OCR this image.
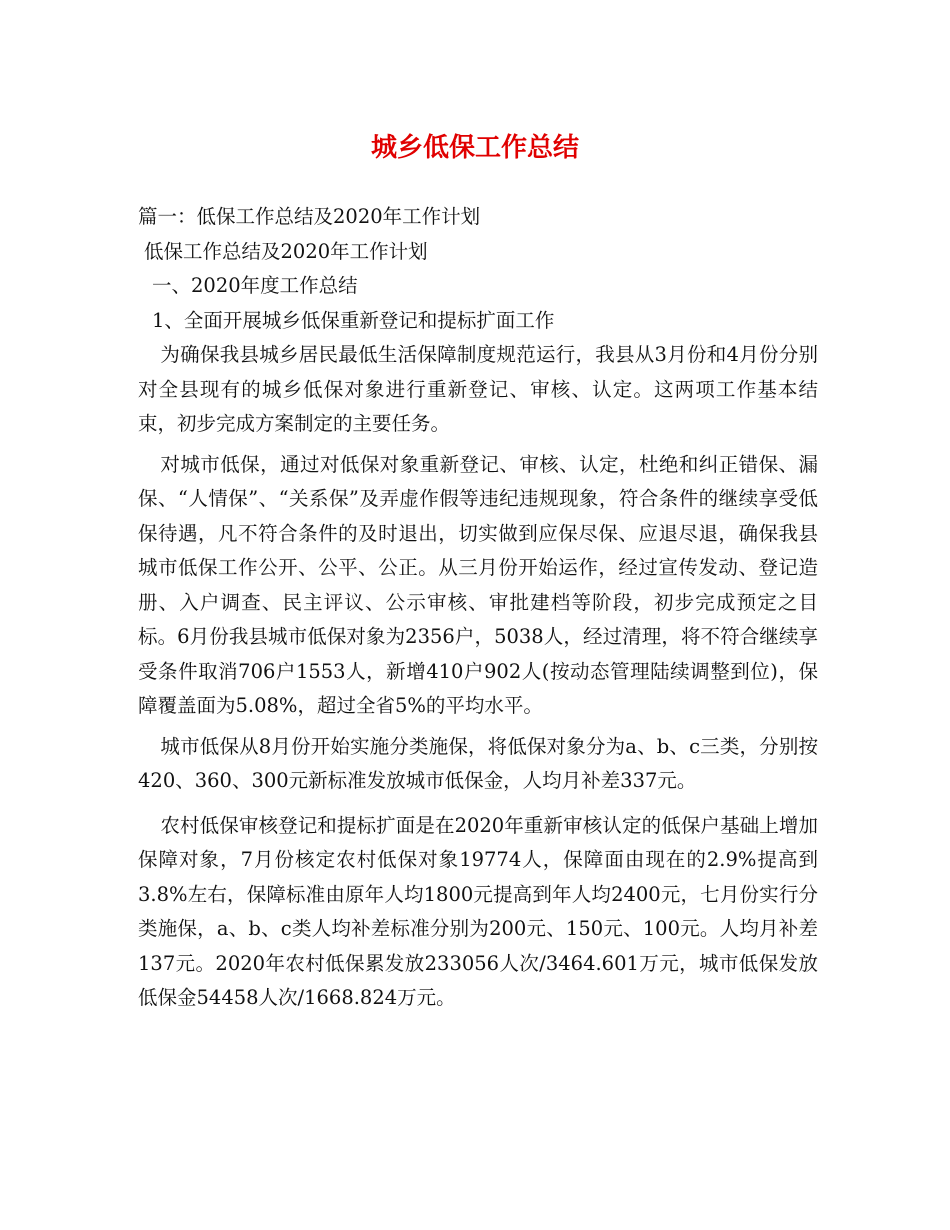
城乡低保工作总结

篇一：低保工作总结及2020年工作计划

低保工作总结及2020年工作计划

一、2020年度工作总结

1、全面开展城乡低保重新登记和提标扩面工作

为确保我县城乡居民最低生活保障制度规范运行，我县从3月份和4月份分别对全县现有的城乡低保对象进行重新登记、审核、认定。这两项工作基本结束，初步完成方案制定的主要任务。

对城市低保，通过对低保对象重新登记、审核、认定，杜绝和纠正错保、漏保、“人情保”、“关系保”及弄虚作假等违纪违规现象，符合条件的继续享受低保待遇，凡不符合条件的及时退出，切实做到应保尽保、应退尽退，确保我县城市低保工作公开、公平、公正。从三月份开始运作，经过宣传发动、登记造册、入户调查、民主评议、公示审核、审批建档等阶段，初步完成预定之目标。6月份我县城市低保对象为2356户，5038人，经过清理，将不符合继续享受条件取消706户1553人，新增410户902人(按动态管理陆续调整到位)，保障覆盖面为5.08%，超过全省5%的平均水平。

城市低保从8月份开始实施分类施保，将低保对象分为a、b、c三类，分别按420、360、300元新标准发放城市低保金，人均月补差337元。

农村低保审核登记和提标扩面是在2020年重新审核认定的低保户基础上增加保障对象，7月份核定农村低保对象19774人，保障面由现在的2.9%提高到3.8%左右，保障标准由原年人均1800元提高到年人均2400元，七月份实行分类施保，a、b、c类人均补差标准分别为200元、150元、100元。人均月补差137元。2020年农村低保累发放233056人次/3464.601万元，城市低保发放低保金54458人次/1668.824万元。
